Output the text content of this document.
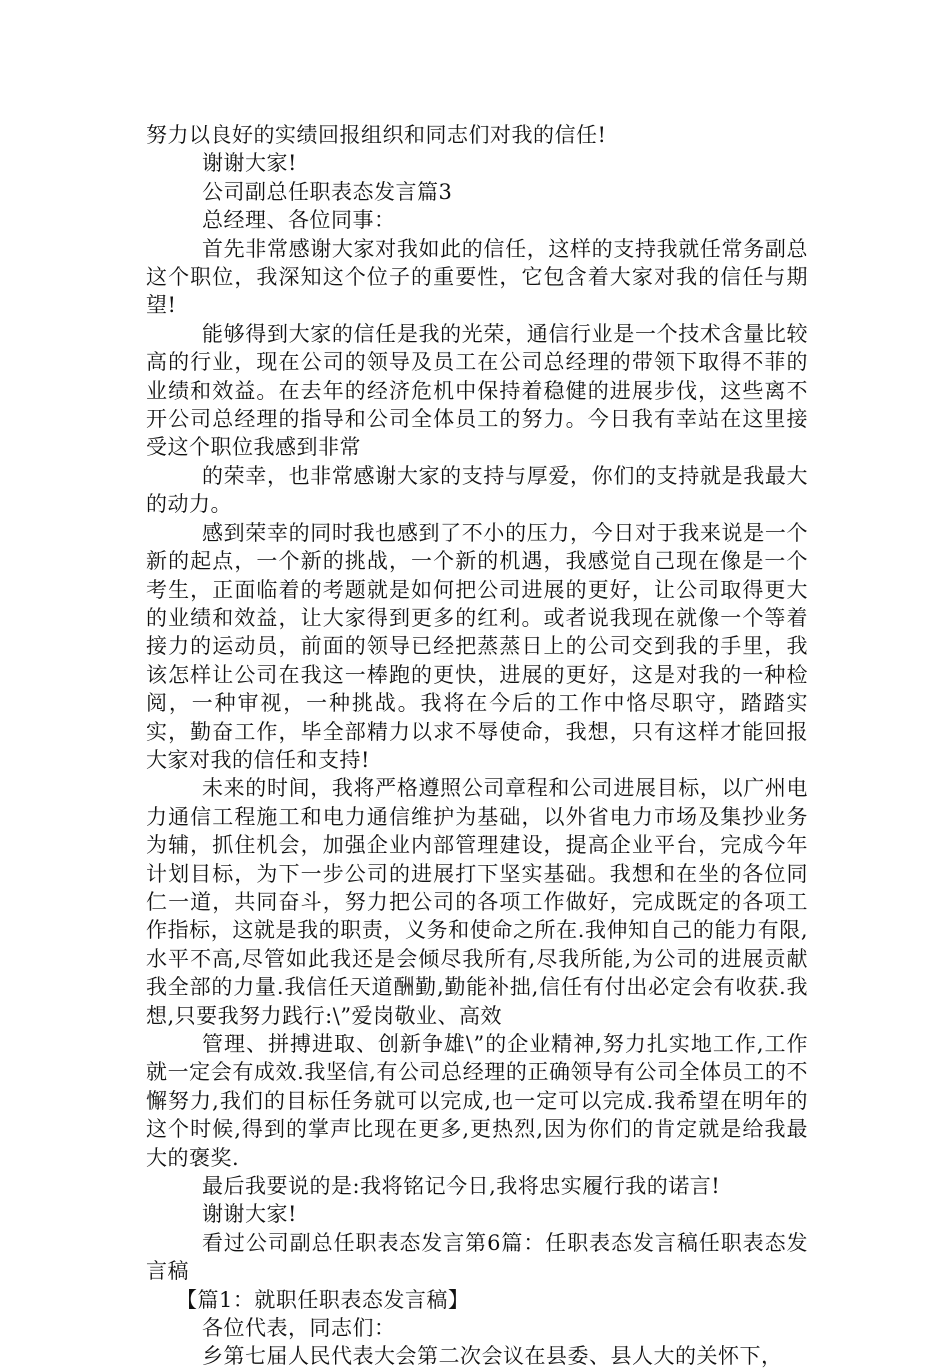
努力以良好的实绩回报组织和同志们对我的信任!

谢谢大家!

公司副总任职表态发言篇3

总经理、各位同事：

首先非常感谢大家对我如此的信任，这样的支持我就任常务副总这个职位，我深知这个位子的重要性，它包含着大家对我的信任与期望!

能够得到大家的信任是我的光荣，通信行业是一个技术含量比较高的行业，现在公司的领导及员工在公司总经理的带领下取得不菲的业绩和效益。在去年的经济危机中保持着稳健的进展步伐，这些离不开公司总经理的指导和公司全体员工的努力。今日我有幸站在这里接受这个职位我感到非常

的荣幸，也非常感谢大家的支持与厚爱，你们的支持就是我最大的动力。

感到荣幸的同时我也感到了不小的压力，今日对于我来说是一个新的起点，一个新的挑战，一个新的机遇，我感觉自己现在像是一个考生，正面临着的考题就是如何把公司进展的更好，让公司取得更大的业绩和效益，让大家得到更多的红利。或者说我现在就像一个等着接力的运动员，前面的领导已经把蒸蒸日上的公司交到我的手里，我该怎样让公司在我这一棒跑的更快，进展的更好，这是对我的一种检阅，一种审视，一种挑战。我将在今后的工作中恪尽职守，踏踏实实，勤奋工作，毕全部精力以求不辱使命，我想，只有这样才能回报大家对我的信任和支持!

未来的时间，我将严格遵照公司章程和公司进展目标，以广州电力通信工程施工和电力通信维护为基础，以外省电力市场及集抄业务为辅，抓住机会，加强企业内部管理建设，提高企业平台，完成今年计划目标，为下一步公司的进展打下坚实基础。我想和在坐的各位同仁一道，共同奋斗，努力把公司的各项工作做好，完成既定的各项工作指标，这就是我的职责，义务和使命之所在.我伸知自己的能力有限,水平不高,尽管如此我还是会倾尽我所有,尽我所能,为公司的进展贡献我全部的力量.我信任天道酬勤,勤能补拙,信任有付出必定会有收获.我想,只要我努力践行:\”爱岗敬业、高效

管理、拼搏进取、创新争雄\”的企业精神,努力扎实地工作,工作就一定会有成效.我坚信,有公司总经理的正确领导有公司全体员工的不懈努力,我们的目标任务就可以完成,也一定可以完成.我希望在明年的这个时候,得到的掌声比现在更多,更热烈,因为你们的肯定就是给我最大的褒奖.

最后我要说的是:我将铭记今日,我将忠实履行我的诺言!

谢谢大家!

看过公司副总任职表态发言第6篇：任职表态发言稿任职表态发言稿

【篇1：就职任职表态发言稿】

各位代表，同志们：

乡第七届人民代表大会第二次会议在县委、县人大的关怀下，
